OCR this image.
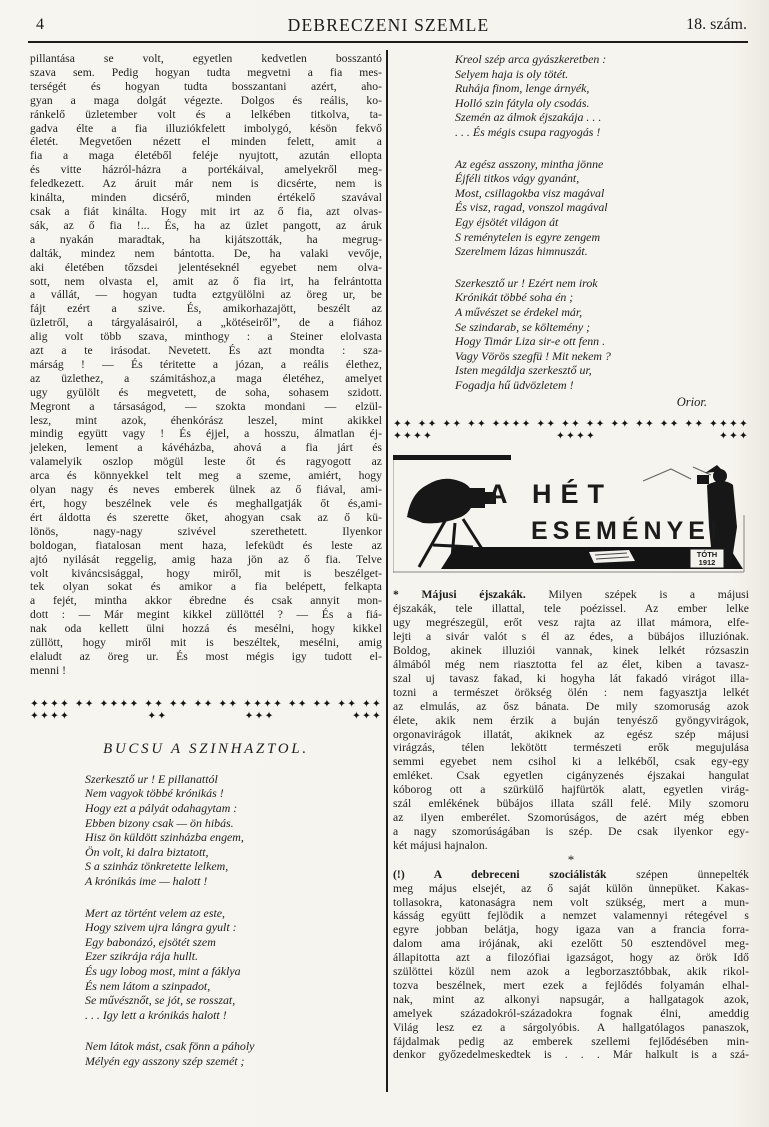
4	DEBRECZENI SZEMLE	18. szám.
pillantása se volt, egyetlen kedvetlen bosszantó
szava sem. Pedig hogyan tudta megvetni a fia mes-
terségét és hogyan tudta bosszantani azért, aho-
gyan a maga dolgát végezte. Dolgos és reális, ko-
ránkelő üzletember volt és a lelkében titkolva, ta-
gadva élte a fia illuziókfelett imbolygó, késön fekvő
életét. Megvetően nézett el minden felett, amit a
fia a maga életéből feléje nyujtott, azután ellopta
és vitte házról-házra a portékáival, amelyekről meg-
feledkezett. Az áruit már nem is dicsérte, nem is
kinálta, minden dicsérő, minden értékelő szavával
csak a fiát kinálta. Hogy mit irt az ő fia, azt olvas-
sák, az ő fia !... És, ha az üzlet pangott, az áruk
a nyakán maradtak, ha kijátszották, ha megrug-
dalták, mindez nem bántotta. De, ha valaki vevője,
aki életében tőzsdei jelentéseknél egyebet nem olva-
sott, nem olvasta el, amit az ő fia irt, ha felrántotta
a vállát, — hogyan tudta eztgyülölni az öreg ur, be
fájt ezért a szive. És, amikorhazajött, beszélt az
üzletről, a tárgyalásairól, a „kötéseiről”, de a fiához
alig volt több szava, minthogy : a Steiner elolvasta
azt a te irásodat. Nevetett. És azt mondta : sza-
márság ! — És téritette a józan, a reális élethez,
az üzlethez, a számitáshoz,a maga életéhez, amelyet
ugy gyülölt és megvetett, de soha, sohasem szidott.
Megront a társaságod, — szokta mondani — elzül-
lesz, mint azok, éhenkórász leszel, mint akikkel
mindig együtt vagy ! És éjjel, a hosszu, álmatlan éj-
jeleken, lement a kávéházba, ahová a fia járt és
valamelyik oszlop mögül leste őt és ragyogott az
arca és könnyekkel telt meg a szeme, amiért, hogy
olyan nagy és neves emberek ülnek az ő fiával, ami-
ért, hogy beszélnek vele és meghallgatják őt és,ami-
ért áldotta és szerette őket, ahogyan csak az ő kü-
lönös, nagy-nagy szivével szerethetett. Ilyenkor
boldogan, fiatalosan ment haza, lefeküdt és leste az
ajtó nyilását reggelig, amig haza jön az ő fia. Telve
volt kiváncsisággal, hogy miről, mit is beszélget-
tek olyan sokat és amikor a fia belépett, felkapta
a fejét, mintha akkor ébredne és csak annyit mon-
dott : — Már megint kikkel züllöttél ? — És a fiá-
nak oda kellett ülni hozzá és mesélni, hogy kikkel
züllött, hogy miről mit is beszéltek, mesélni, amig
elaludt az öreg ur. És most mégis igy tudott el-
menni !
✦✦✦✦ ✦✦ ✦✦✦✦ ✦✦ ✦✦ ✦✦ ✦✦ ✦✦✦✦ ✦✦ ✦✦ ✦✦ ✦✦ ✦✦✦✦ ✦✦ ✦✦✦ ✦✦✦
BUCSU A SZINHAZTOL.
Szerkesztő ur ! E pillanattól
Nem vagyok többé krónikás !
Hogy ezt a pályát odahagytam :
Ebben bizony csak — ön hibás.
Hisz ön küldött szinházba engem,
Ön volt, ki dalra biztatott,
S a szinház tönkretette lelkem,
A krónikás ime — halott !
Mert az történt velem az este,
Hogy szivem ujra lángra gyult :
Egy babonázó, ejsötét szem
Ezer szikrája rája hullt.
És ugy lobog most, mint a fáklya
És nem látom a szinpadot,
Se művésznőt, se jót, se rosszat,
. . . Igy lett a krónikás halott !
Nem látok mást, csak fönn a páholy
Mélyén egy asszony szép szemét ;
Kreol szép arca gyászkeretben :
Selyem haja is oly tötét.
Ruhája finom, lenge árnyék,
Holló szin fátyla oly csodás.
Szemén az álmok éjszakája . . .
. . . És mégis csupa ragyogás !
Az egész asszony, mintha jönne
Éjféli titkos vágy gyanánt,
Most, csillagokba visz magával
És visz, ragad, vonszol magával
Egy éjsötét világon át
S reménytelen is egyre zengem
Szerelmem lázas himnuszát.
Szerkesztő ur ! Ezért nem irok
Krónikát többé soha én ;
A művészet se érdekel már,
Se szindarab, se költemény ;
Hogy Timár Liza sir-e ott fenn .
Vagy Vörös szegfü ! Mit nekem ?
Isten megáldja szerkesztő ur,
Fogadja hű üdvözletem !
Orior.
✦✦ ✦✦ ✦✦ ✦✦ ✦✦✦✦ ✦✦ ✦✦ ✦✦ ✦✦ ✦✦ ✦✦ ✦✦ ✦✦✦✦ ✦✦✦✦ ✦✦✦✦ ✦✦✦
TÓTH
1912
A HÉT
ESEMÉNYEI
* Májusi éjszakák. Milyen szépek is a májusi
éjszakák, tele illattal, tele poézissel. Az ember lelke
ugy megrészegül, erőt vesz rajta az illat mámora, elfe-
lejti a sivár valót s él az édes, a bübájos illuziónak.
Boldog, akinek illuziói vannak, kinek lelkét rózsaszin
álmából még nem riasztotta fel az élet, kiben a tavasz-
szal uj tavasz fakad, ki hogyha lát fakadó virágot illa-
tozni a természet örökség ölén : nem fagyasztja lelkét
az elmulás, az ősz bánata. De mily szomoruság azok
élete, akik nem érzik a buján tenyésző gyöngyvirágok,
orgonavirágok illatát, akiknek az egész szép májusi
virágzás, télen lekötött természeti erők megujulása
semmi egyebet nem csihol ki a lelkéből, csak egy-egy
emléket. Csak egyetlen cigányzenés éjszakai hangulat
kóborog ott a szürkülő hajfürtök alatt, egyetlen virág-
szál emlékének bübájos illata száll felé. Mily szomoru
az ilyen emberélet. Szomorúságos, de azért még ebben
a nagy szomorúságában is szép. De csak ilyenkor egy-
két májusi hajnalon.
*
(!) A debreceni szociálisták	szépen ünnepelték
meg május elsejét, az ő saját külön ünnepüket. Kakas-
tollasokra, katonaságra nem volt szükség, mert a mun-
kásság együtt fejlödik a nemzet valamennyi rétegével s
egyre jobban belátja, hogy igaza van a francia forra-
dalom ama irójának, aki ezelőtt 50 esztendövel meg-
állapitotta azt a filozófiai igazságot, hogy az örök Idő
szülöttei közül nem azok a legborzasztóbbak, akik rikol-
tozva beszélnek, mert ezek a fejlődés folyamán elhal-
nak, mint az alkonyi napsugár, a hallgatagok azok,
amelyek századokról-századokra fognak élni, ameddig
Világ lesz ez a sárgolyóbis. A hallgatólagos panaszok,
fájdalmak pedig az emberek szellemi fejlődésében min-
denkor győzedelmeskedtek is . . . Már halkult is a szá-
